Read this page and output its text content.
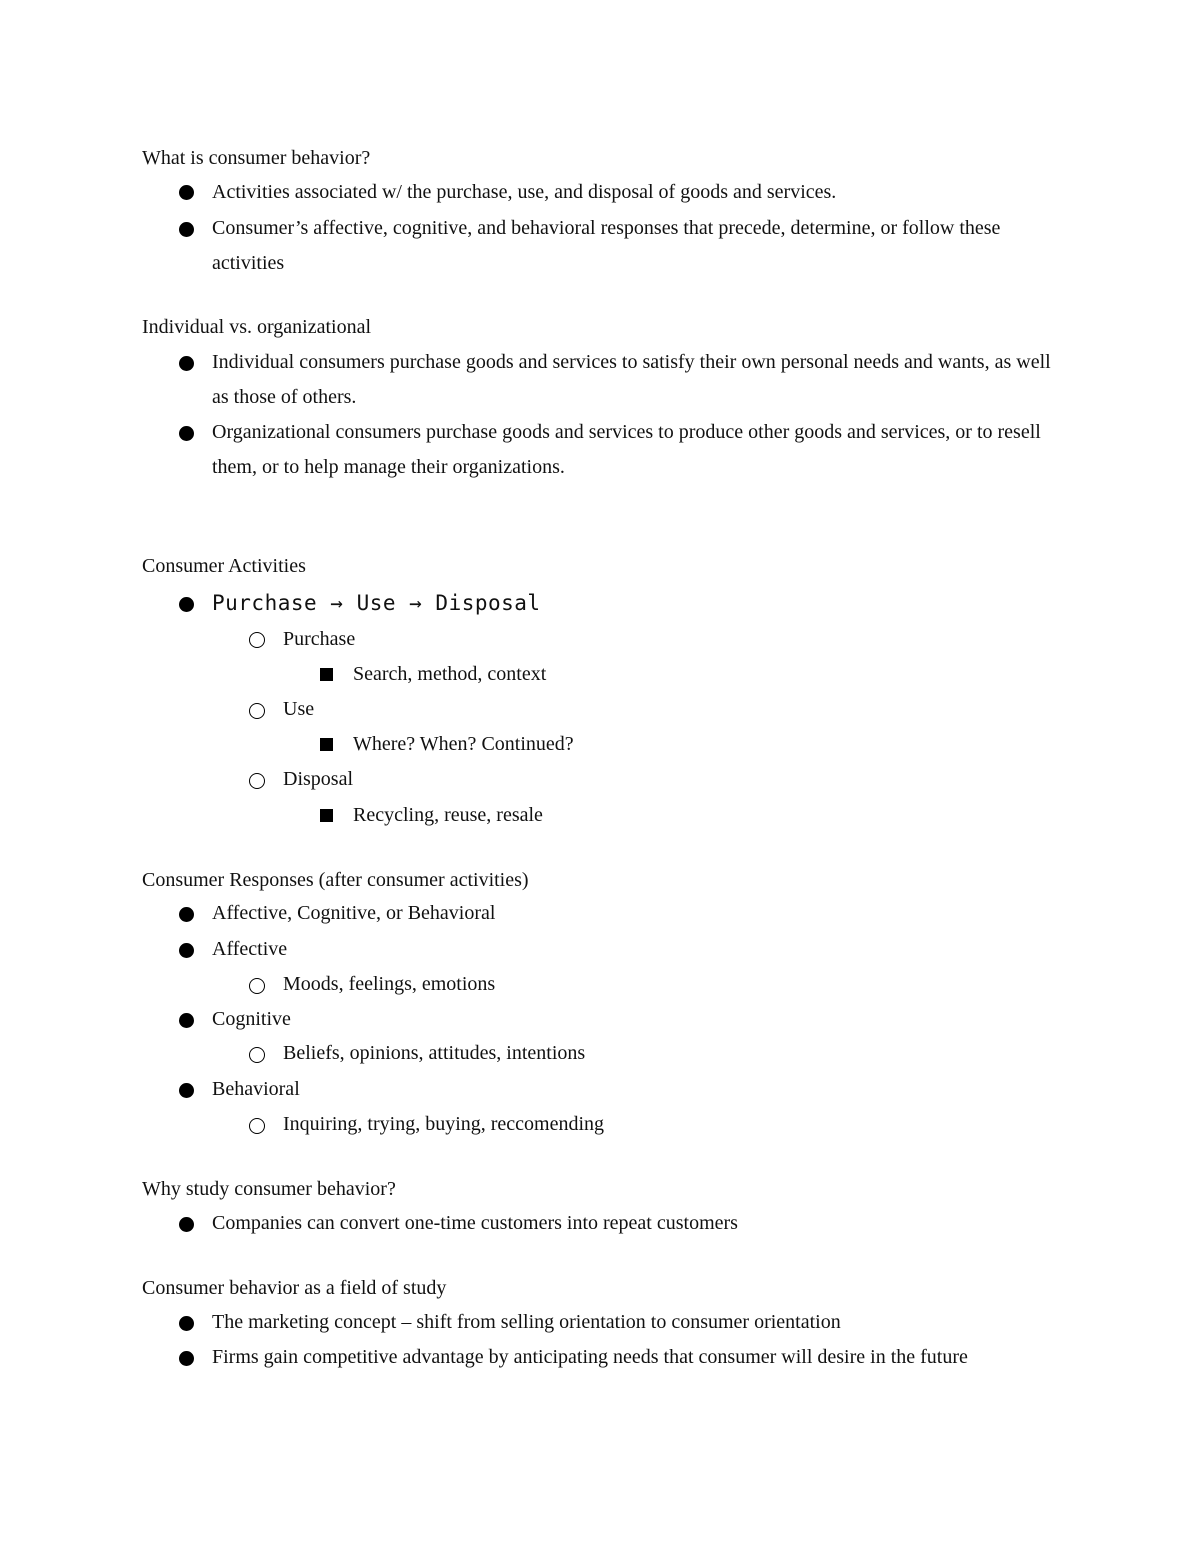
What is consumer behavior?
Activities associated w/ the purchase, use, and disposal of goods and services.
Consumer’s affective, cognitive, and behavioral responses that precede, determine, or follow these activities
Individual vs. organizational
Individual consumers purchase goods and services to satisfy their own personal needs and wants, as well as those of others.
Organizational consumers purchase goods and services to produce other goods and services, or to resell them, or to help manage their organizations.
Consumer Activities
Purchase → Use → Disposal
Purchase
Search, method, context
Use
Where? When? Continued?
Disposal
Recycling, reuse, resale
Consumer Responses (after consumer activities)
Affective, Cognitive, or Behavioral
Affective
Moods, feelings, emotions
Cognitive
Beliefs, opinions, attitudes, intentions
Behavioral
Inquiring, trying, buying, reccomending
Why study consumer behavior?
Companies can convert one-time customers into repeat customers
Consumer behavior as a field of study
The marketing concept – shift from selling orientation to consumer orientation
Firms gain competitive advantage by anticipating needs that consumer will desire in the future
